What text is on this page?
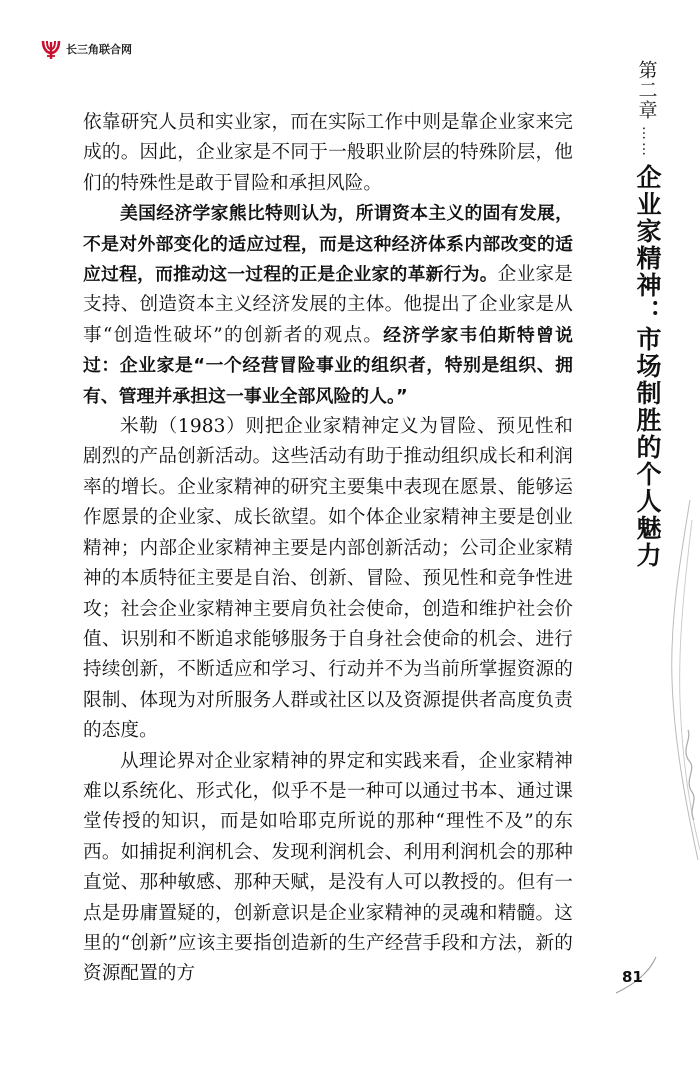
长三角联合网

依靠研究人员和实业家，而在实际工作中则是靠企业家来完成的。因此，企业家是不同于一般职业阶层的特殊阶层，他们的特殊性是敢于冒险和承担风险。

美国经济学家熊比特则认为，所谓资本主义的固有发展，不是对外部变化的适应过程，而是这种经济体系内部改变的适应过程，而推动这一过程的正是企业家的革新行为。企业家是支持、创造资本主义经济发展的主体。他提出了企业家是从事“创造性破坏”的创新者的观点。经济学家韦伯斯特曾说过：企业家是“一个经营冒险事业的组织者，特别是组织、拥有、管理并承担这一事业全部风险的人。”

米勒（1983）则把企业家精神定义为冒险、预见性和剧烈的产品创新活动。这些活动有助于推动组织成长和利润率的增长。企业家精神的研究主要集中表现在愿景、能够运作愿景的企业家、成长欲望。如个体企业家精神主要是创业精神；内部企业家精神主要是内部创新活动；公司企业家精神的本质特征主要是自治、创新、冒险、预见性和竞争性进攻；社会企业家精神主要肩负社会使命，创造和维护社会价值、识别和不断追求能够服务于自身社会使命的机会、进行持续创新，不断适应和学习、行动并不为当前所掌握资源的限制、体现为对所服务人群或社区以及资源提供者高度负责的态度。

从理论界对企业家精神的界定和实践来看，企业家精神难以系统化、形式化，似乎不是一种可以通过书本、通过课堂传授的知识，而是如哈耶克所说的那种“理性不及”的东西。如捕捉利润机会、发现利润机会、利用利润机会的那种直觉、那种敏感、那种天赋，是没有人可以教授的。但有一点是毋庸置疑的，创新意识是企业家精神的灵魂和精髓。这里的“创新”应该主要指创造新的生产经营手段和方法，新的资源配置的方

第二章
……
企业家精神：市场制胜的个人魅力
81
